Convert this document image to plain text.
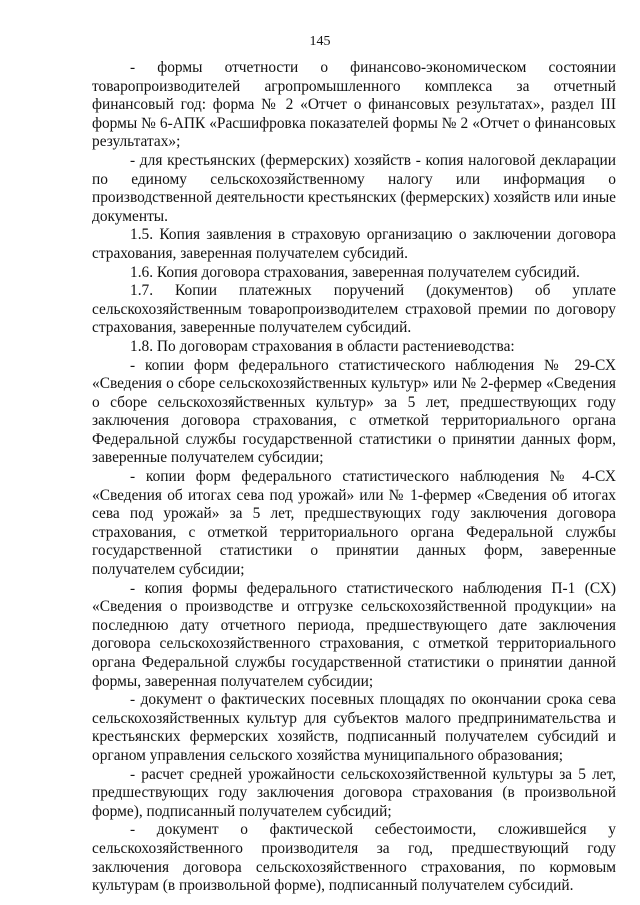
145

- формы отчетности о финансово-экономическом состоянии товаропроизводителей агропромышленного комплекса за отчетный финансовый год: форма № 2 «Отчет о финансовых результатах», раздел III формы № 6-АПК «Расшифровка показателей формы № 2 «Отчет о финансовых результатах»;

- для крестьянских (фермерских) хозяйств - копия налоговой декларации по единому сельскохозяйственному налогу или информация о производственной деятельности крестьянских (фермерских) хозяйств или иные документы.

1.5. Копия заявления в страховую организацию о заключении договора страхования, заверенная получателем субсидий.

1.6. Копия договора страхования, заверенная получателем субсидий.

1.7. Копии платежных поручений (документов) об уплате сельскохозяйственным товаропроизводителем страховой премии по договору страхования, заверенные получателем субсидий.

1.8. По договорам страхования в области растениеводства:

- копии форм федерального статистического наблюдения № 29-СХ «Сведения о сборе сельскохозяйственных культур» или № 2-фермер «Сведения о сборе сельскохозяйственных культур» за 5 лет, предшествующих году заключения договора страхования, с отметкой территориального органа Федеральной службы государственной статистики о принятии данных форм, заверенные получателем субсидии;

- копии форм федерального статистического наблюдения № 4-СХ «Сведения об итогах сева под урожай» или № 1-фермер «Сведения об итогах сева под урожай» за 5 лет, предшествующих году заключения договора страхования, с отметкой территориального органа Федеральной службы государственной статистики о принятии данных форм, заверенные получателем субсидии;

- копия формы федерального статистического наблюдения П-1 (СХ) «Сведения о производстве и отгрузке сельскохозяйственной продукции» на последнюю дату отчетного периода, предшествующего дате заключения договора сельскохозяйственного страхования, с отметкой территориального органа Федеральной службы государственной статистики о принятии данной формы, заверенная получателем субсидии;

- документ о фактических посевных площадях по окончании срока сева сельскохозяйственных культур для субъектов малого предпринимательства и крестьянских фермерских хозяйств, подписанный получателем субсидий и органом управления сельского хозяйства муниципального образования;

- расчет средней урожайности сельскохозяйственной культуры за 5 лет, предшествующих году заключения договора страхования (в произвольной форме), подписанный получателем субсидий;

- документ о фактической себестоимости, сложившейся у сельскохозяйственного производителя за год, предшествующий году заключения договора сельскохозяйственного страхования, по кормовым культурам (в произвольной форме), подписанный получателем субсидий.
